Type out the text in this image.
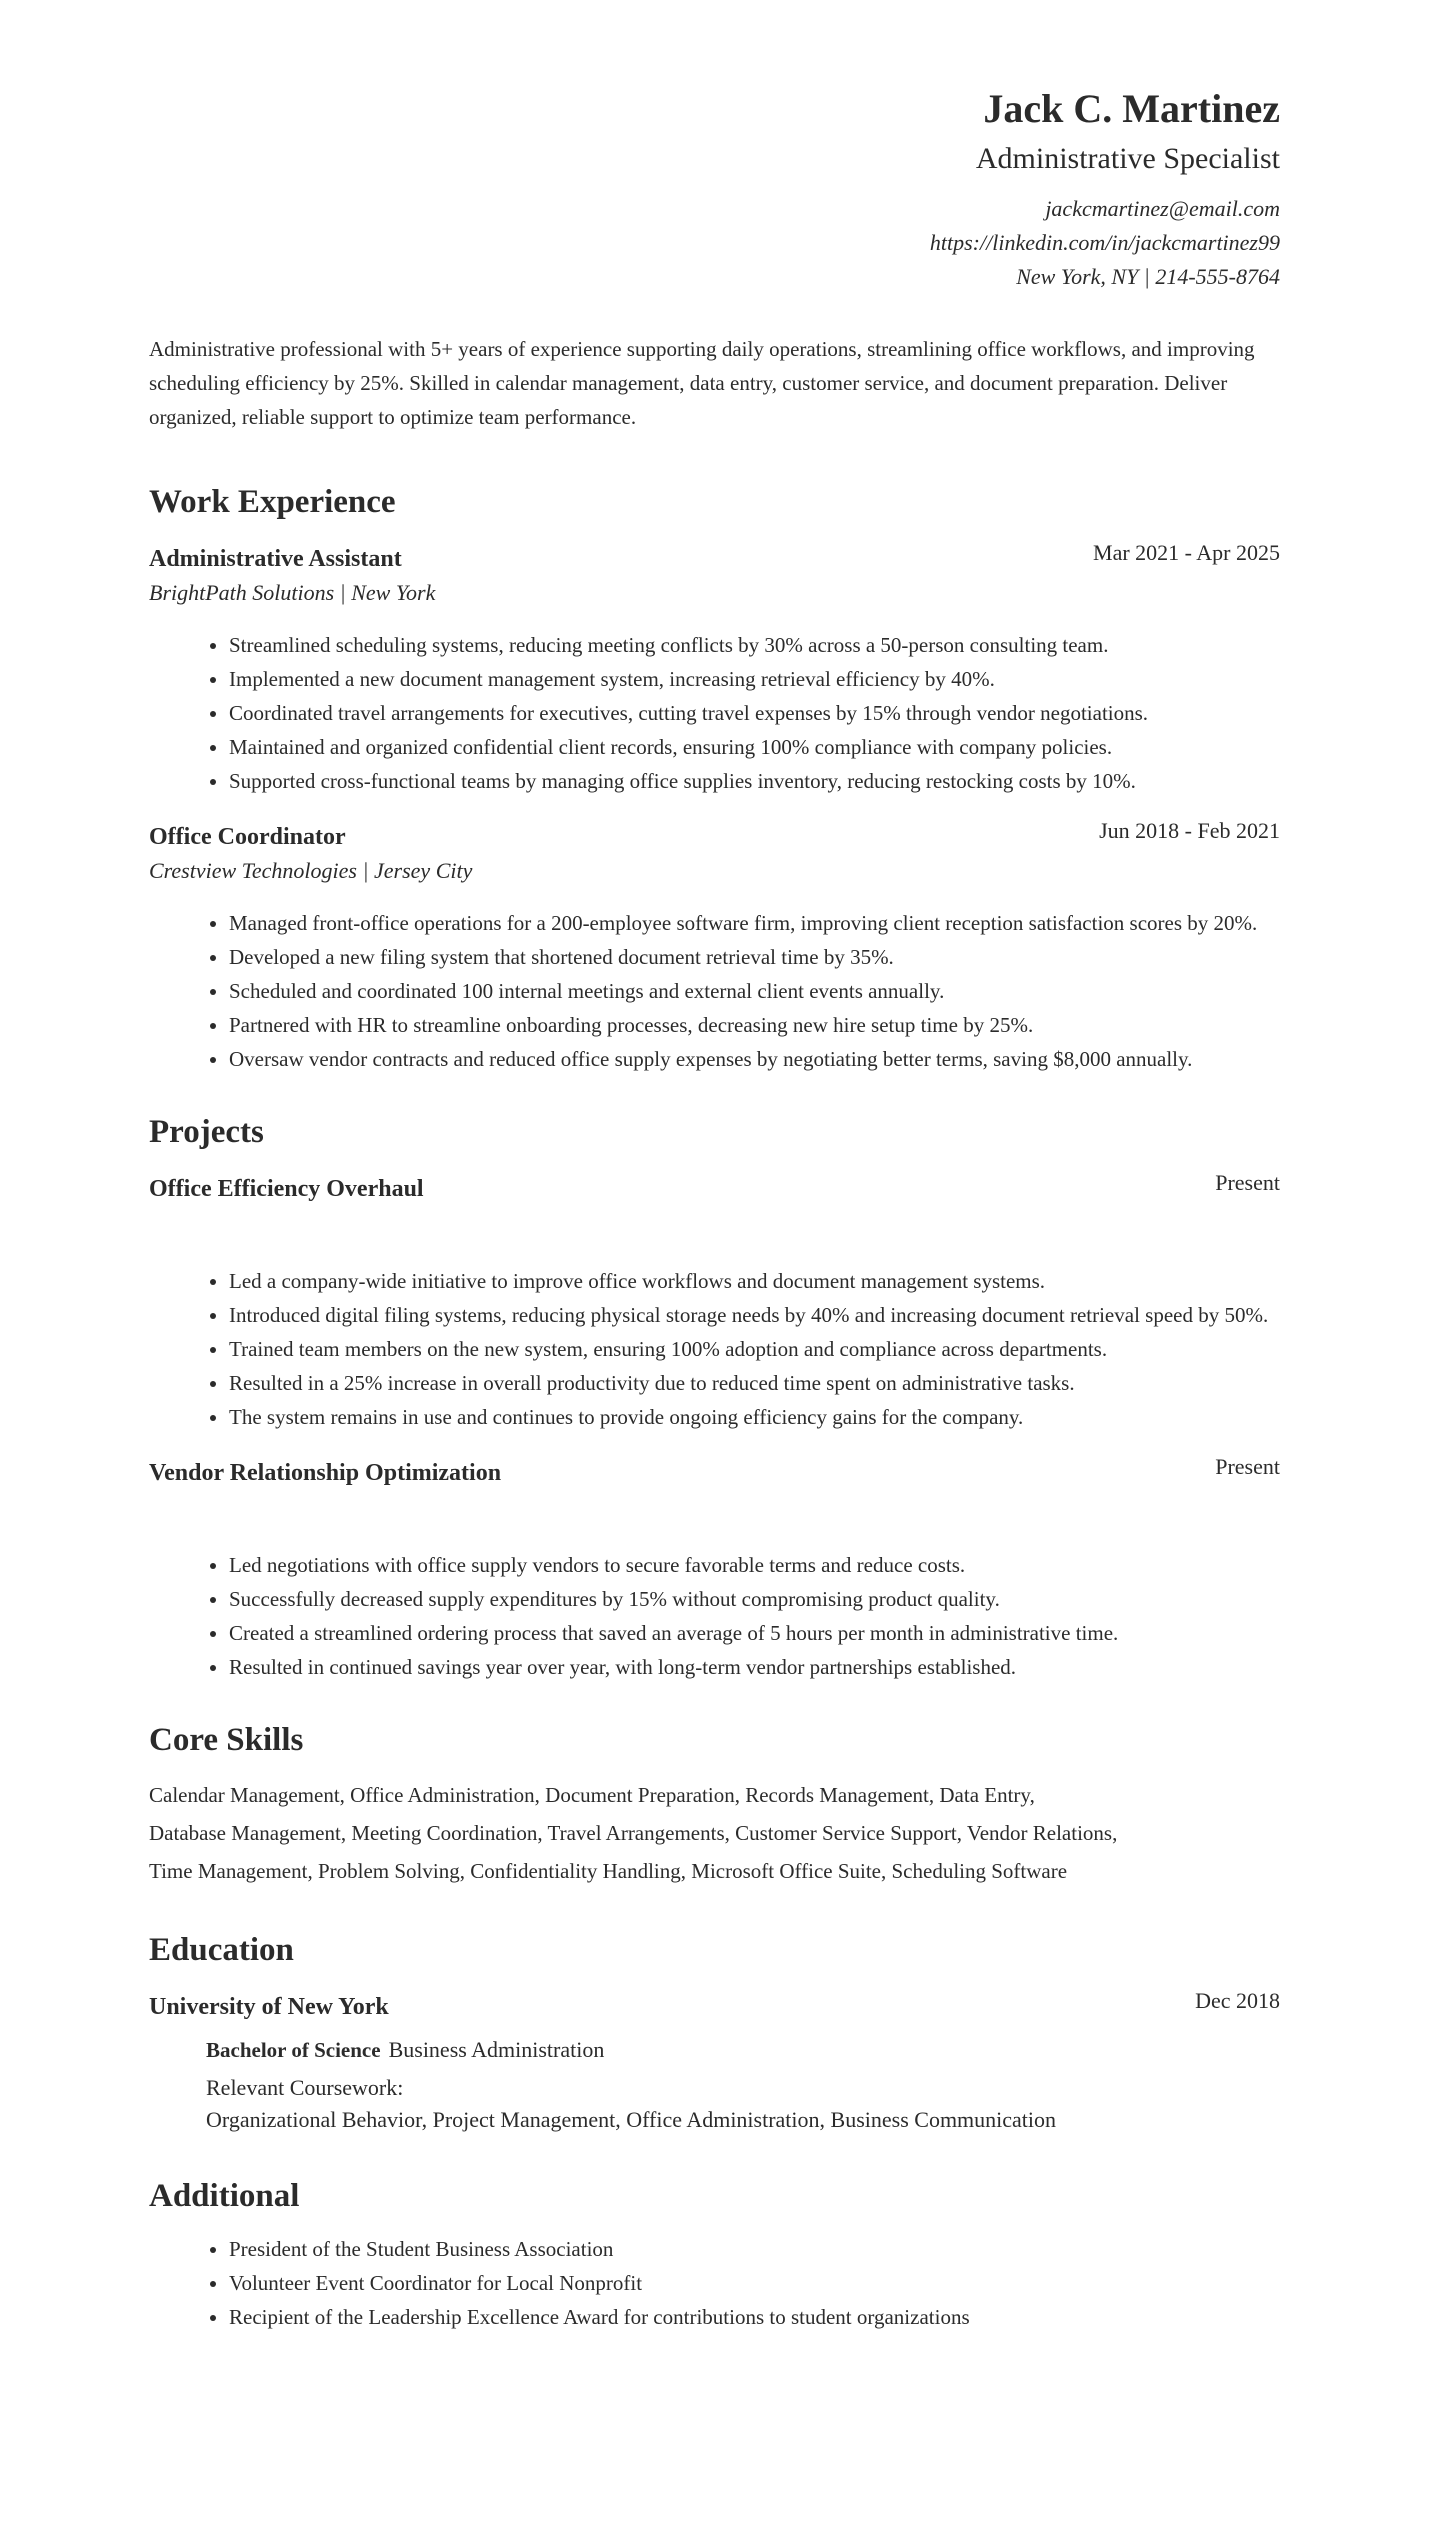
Jack C. Martinez
Administrative Specialist
jackcmartinez@email.com
https://linkedin.com/in/jackcmartinez99
New York, NY | 214-555-8764
Administrative professional with 5+ years of experience supporting daily operations, streamlining office workflows, and improving scheduling efficiency by 25%. Skilled in calendar management, data entry, customer service, and document preparation. Deliver organized, reliable support to optimize team performance.
Work Experience
Administrative Assistant	Mar 2021 - Apr 2025
BrightPath Solutions | New York
• Streamlined scheduling systems, reducing meeting conflicts by 30% across a 50-person consulting team.
• Implemented a new document management system, increasing retrieval efficiency by 40%.
• Coordinated travel arrangements for executives, cutting travel expenses by 15% through vendor negotiations.
• Maintained and organized confidential client records, ensuring 100% compliance with company policies.
• Supported cross-functional teams by managing office supplies inventory, reducing restocking costs by 10%.
Office Coordinator	Jun 2018 - Feb 2021
Crestview Technologies | Jersey City
• Managed front-office operations for a 200-employee software firm, improving client reception satisfaction scores by 20%.
• Developed a new filing system that shortened document retrieval time by 35%.
• Scheduled and coordinated 100 internal meetings and external client events annually.
• Partnered with HR to streamline onboarding processes, decreasing new hire setup time by 25%.
• Oversaw vendor contracts and reduced office supply expenses by negotiating better terms, saving $8,000 annually.
Projects
Office Efficiency Overhaul	Present
• Led a company-wide initiative to improve office workflows and document management systems.
• Introduced digital filing systems, reducing physical storage needs by 40% and increasing document retrieval speed by 50%.
• Trained team members on the new system, ensuring 100% adoption and compliance across departments.
• Resulted in a 25% increase in overall productivity due to reduced time spent on administrative tasks.
• The system remains in use and continues to provide ongoing efficiency gains for the company.
Vendor Relationship Optimization	Present
• Led negotiations with office supply vendors to secure favorable terms and reduce costs.
• Successfully decreased supply expenditures by 15% without compromising product quality.
• Created a streamlined ordering process that saved an average of 5 hours per month in administrative time.
• Resulted in continued savings year over year, with long-term vendor partnerships established.
Core Skills
Calendar Management, Office Administration, Document Preparation, Records Management, Data Entry,
Database Management, Meeting Coordination, Travel Arrangements, Customer Service Support, Vendor Relations,
Time Management, Problem Solving, Confidentiality Handling, Microsoft Office Suite, Scheduling Software
Education
University of New York	Dec 2018
Bachelor of Science Business Administration
Relevant Coursework:
Organizational Behavior, Project Management, Office Administration, Business Communication
Additional
• President of the Student Business Association
• Volunteer Event Coordinator for Local Nonprofit
• Recipient of the Leadership Excellence Award for contributions to student organizations
